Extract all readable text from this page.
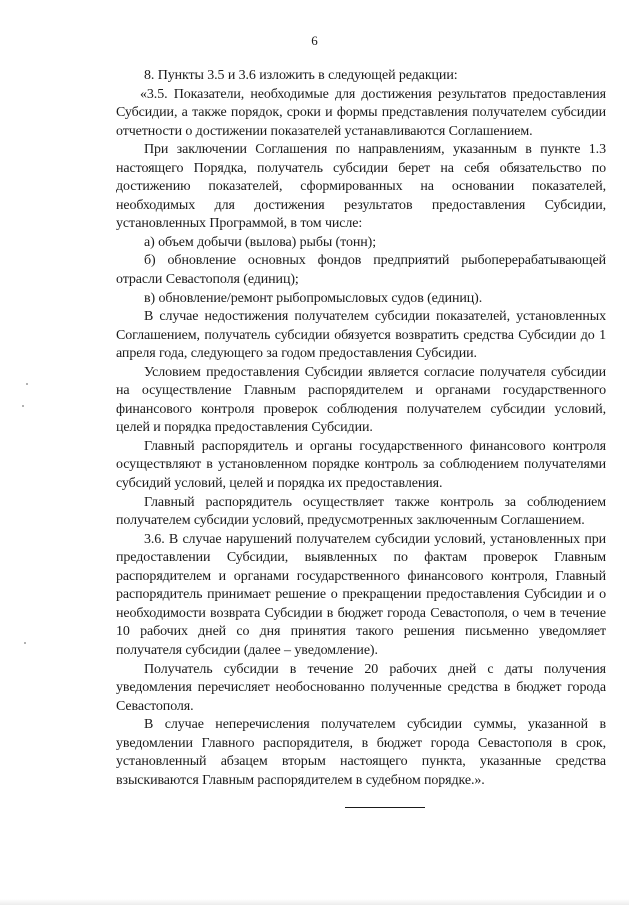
6

8. Пункты 3.5 и 3.6 изложить в следующей редакции:

«3.5. Показатели, необходимые для достижения результатов предоставления Субсидии, а также порядок, сроки и формы представления получателем субсидии отчетности о достижении показателей устанавливаются Соглашением.

При заключении Соглашения по направлениям, указанным в пункте 1.3 настоящего Порядка, получатель субсидии берет на себя обязательство по достижению показателей, сформированных на основании показателей, необходимых для достижения результатов предоставления Субсидии, установленных Программой, в том числе:

а) объем добычи (вылова) рыбы (тонн);

б) обновление основных фондов предприятий рыбоперерабатывающей отрасли Севастополя (единиц);

в) обновление/ремонт рыбопромысловых судов (единиц).

В случае недостижения получателем субсидии показателей, установленных Соглашением, получатель субсидии обязуется возвратить средства Субсидии до 1 апреля года, следующего за годом предоставления Субсидии.

Условием предоставления Субсидии является согласие получателя субсидии на осуществление Главным распорядителем и органами государственного финансового контроля проверок соблюдения получателем субсидии условий, целей и порядка предоставления Субсидии.

Главный распорядитель и органы государственного финансового контроля осуществляют в установленном порядке контроль за соблюдением получателями субсидий условий, целей и порядка их предоставления.

Главный распорядитель осуществляет также контроль за соблюдением получателем субсидии условий, предусмотренных заключенным Соглашением.

3.6. В случае нарушений получателем субсидии условий, установленных при предоставлении Субсидии, выявленных по фактам проверок Главным распорядителем и органами государственного финансового контроля, Главный распорядитель принимает решение о прекращении предоставления Субсидии и о необходимости возврата Субсидии в бюджет города Севастополя, о чем в течение 10 рабочих дней со дня принятия такого решения письменно уведомляет получателя субсидии (далее – уведомление).

Получатель субсидии в течение 20 рабочих дней с даты получения уведомления перечисляет необоснованно полученные средства в бюджет города Севастополя.

В случае неперечисления получателем субсидии суммы, указанной в уведомлении Главного распорядителя, в бюджет города Севастополя в срок, установленный абзацем вторым настоящего пункта, указанные средства взыскиваются Главным распорядителем в судебном порядке.».
